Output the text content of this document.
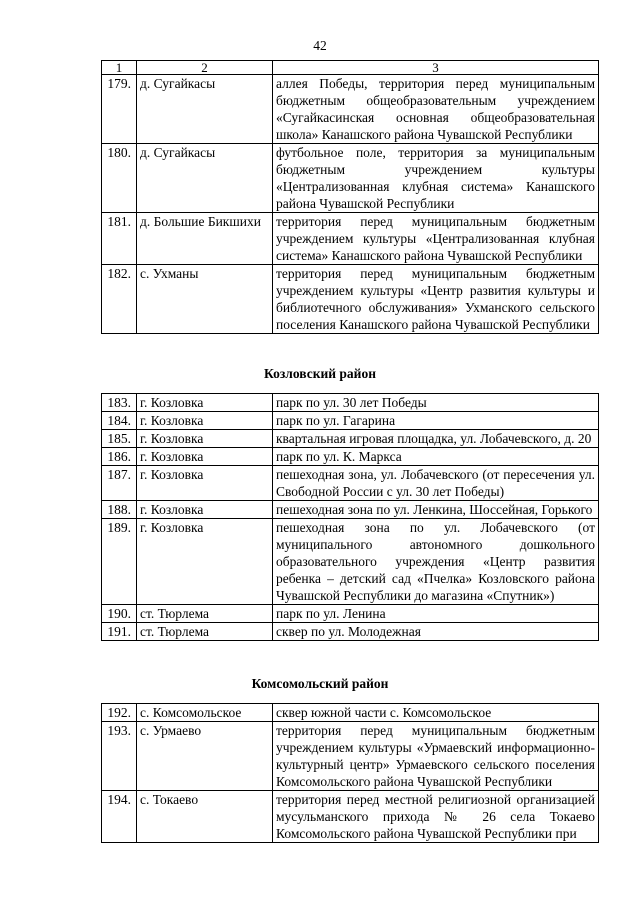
42
1	2	3
179.	д. Сугайкасы	аллея Победы, территория перед муниципальным бюджетным общеобразовательным учреждением «Сугайкасинская основная общеобразовательная школа» Канашского района Чувашской Республики
180.	д. Сугайкасы	футбольное поле, территория за муниципальным бюджетным учреждением культуры «Централизованная клубная система» Канашского района Чувашской Республики
181.	д. Большие Бикшихи	территория перед муниципальным бюджетным учреждением культуры «Централизованная клубная система» Канашского района Чувашской Республики
182.	с. Ухманы	территория перед муниципальным бюджетным учреждением культуры «Центр развития культуры и библиотечного обслуживания» Ухманского сельского поселения Канашского района Чувашской Республики
Козловский район
183.	г. Козловка	парк по ул. 30 лет Победы
184.	г. Козловка	парк по ул. Гагарина
185.	г. Козловка	квартальная игровая площадка, ул. Лобачевского, д. 20
186.	г. Козловка	парк по ул. К. Маркса
187.	г. Козловка	пешеходная зона, ул. Лобачевского (от пересечения ул. Свободной России с ул. 30 лет Победы)
188.	г. Козловка	пешеходная зона по ул. Ленкина, Шоссейная, Горького
189.	г. Козловка	пешеходная зона по ул. Лобачевского (от муниципального автономного дошкольного образовательного учреждения «Центр развития ребенка – детский сад «Пчелка» Козловского района Чувашской Республики до магазина «Спутник»)
190.	ст. Тюрлема	парк по ул. Ленина
191.	ст. Тюрлема	сквер по ул. Молодежная
Комсомольский район
192.	с. Комсомольское	сквер южной части с. Комсомольское
193.	с. Урмаево	территория перед муниципальным бюджетным учреждением культуры «Урмаевский информационно-культурный центр» Урмаевского сельского поселения Комсомольского района Чувашской Республики
194.	с. Токаево	территория перед местной религиозной организацией мусульманского прихода № 26 села Токаево Комсомольского района Чувашской Республики при
